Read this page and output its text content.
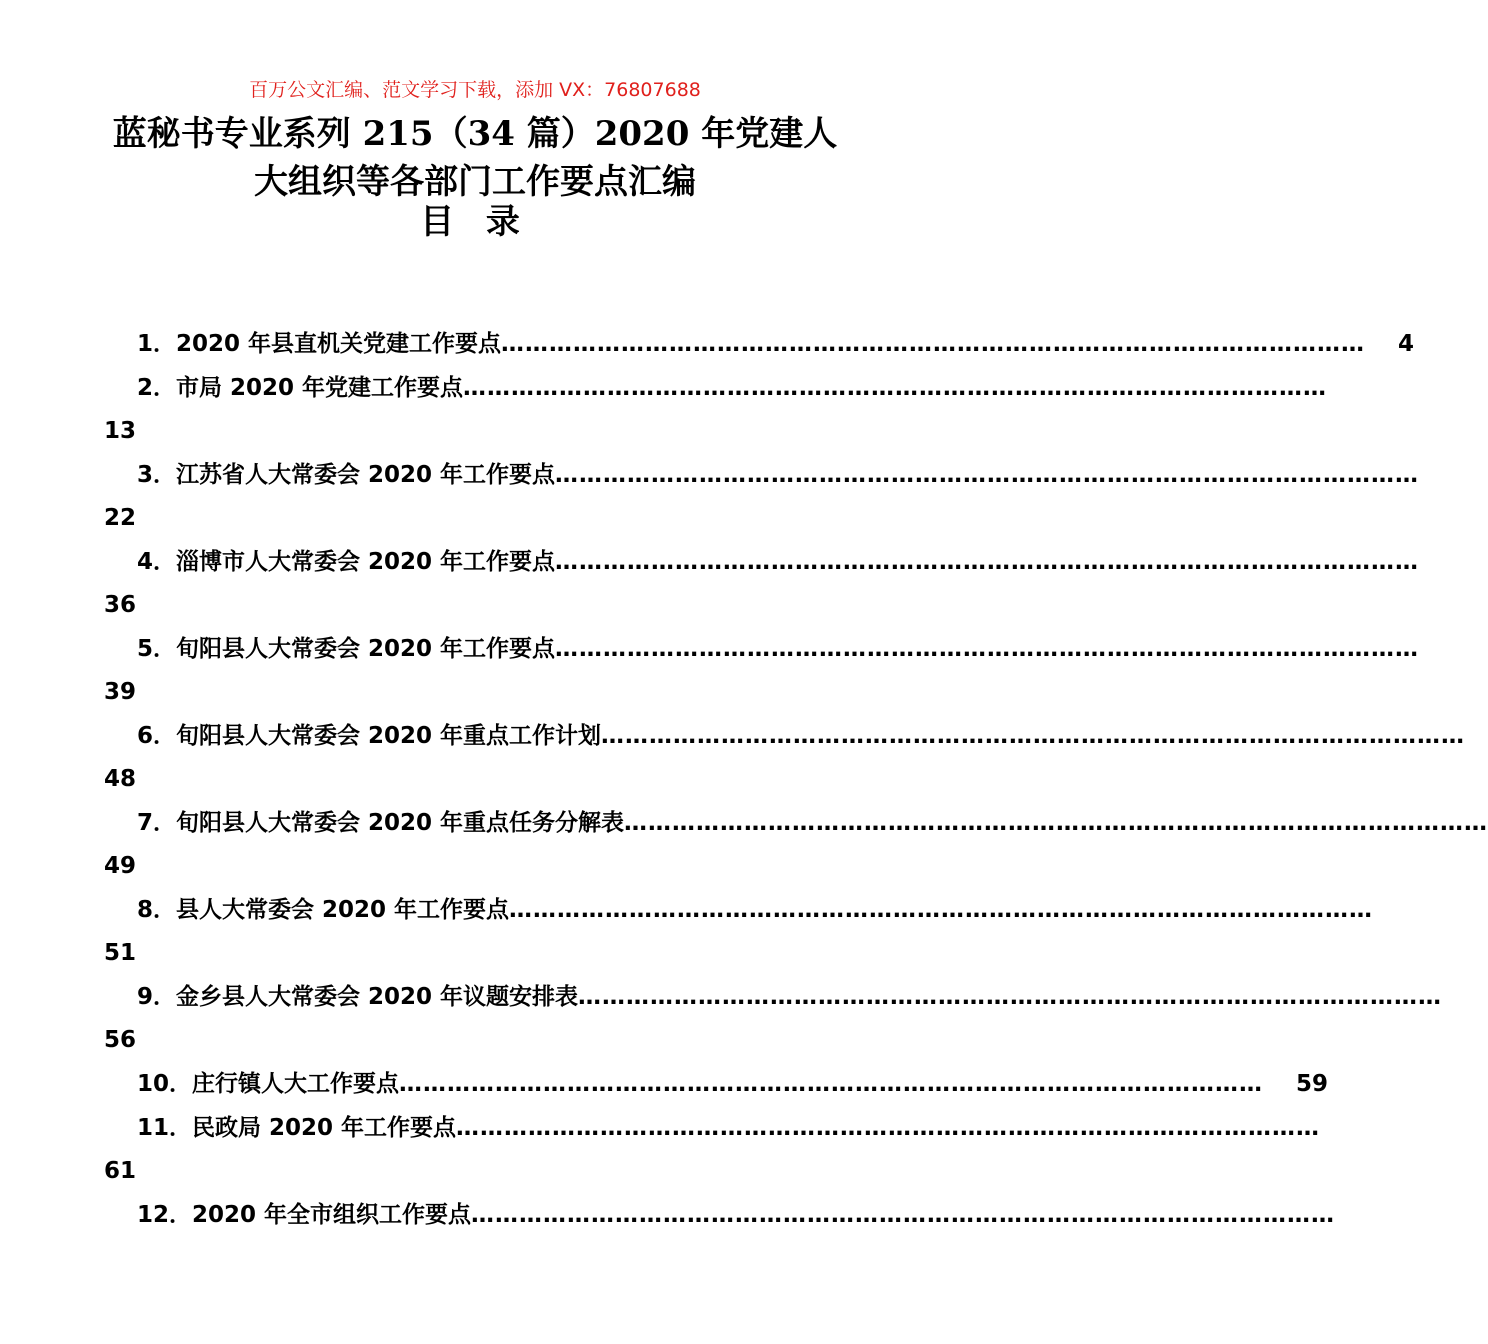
百万公文汇编、范文学习下载，添加 VX：76807688
蓝秘书专业系列 215（34 篇）2020 年党建人大组织等各部门工作要点汇编
目 录
1．2020 年县直机关党建工作要点………………………………………………………………………………………………	4
2．市局 2020 年党建工作要点………………………………………………………………………………………………
13
3．江苏省人大常委会 2020 年工作要点………………………………………………………………………………………………
22
4．淄博市人大常委会 2020 年工作要点………………………………………………………………………………………………
36
5．旬阳县人大常委会 2020 年工作要点………………………………………………………………………………………………
39
6．旬阳县人大常委会 2020 年重点工作计划………………………………………………………………………………………………
48
7．旬阳县人大常委会 2020 年重点任务分解表………………………………………………………………………………………………
49
8．县人大常委会 2020 年工作要点………………………………………………………………………………………………
51
9．金乡县人大常委会 2020 年议题安排表………………………………………………………………………………………………
56
10．庄行镇人大工作要点………………………………………………………………………………………………	59
11．民政局 2020 年工作要点………………………………………………………………………………………………
61
12．2020 年全市组织工作要点………………………………………………………………………………………………
